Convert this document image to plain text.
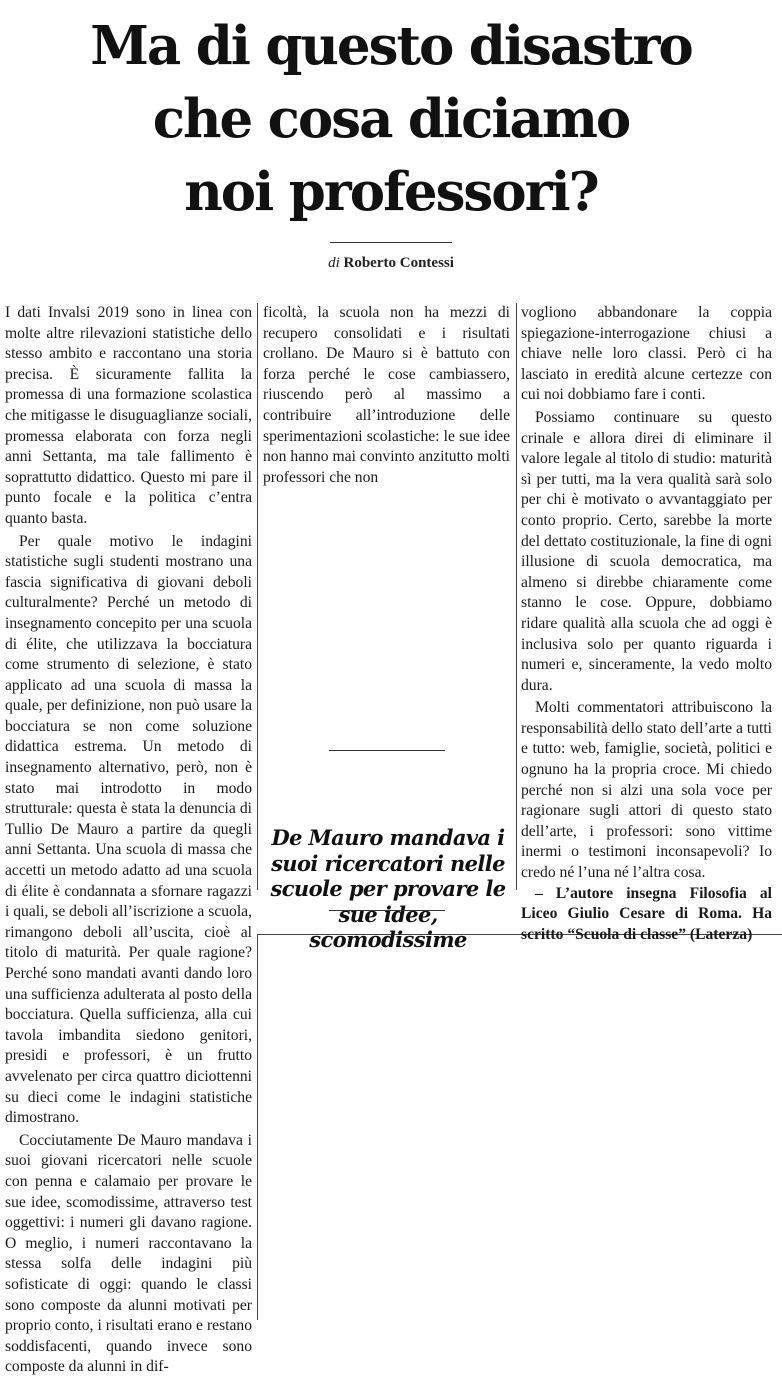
Ma di questo disastro
che cosa diciamo
noi professori?
di Roberto Contessi

I dati Invalsi 2019 sono in linea con molte altre rilevazioni statistiche dello stesso ambito e raccontano una storia precisa. È sicuramente fallita la promessa di una formazione scolastica che mitigasse le disuguaglianze sociali, promessa elaborata con forza negli anni Settanta, ma tale fallimento è soprattutto didattico. Questo mi pare il punto focale e la politica c’entra quanto basta.

Per quale motivo le indagini statistiche sugli studenti mostrano una fascia significativa di giovani deboli culturalmente? Perché un metodo di insegnamento concepito per una scuola di élite, che utilizzava la bocciatura come strumento di selezione, è stato applicato ad una scuola di massa la quale, per definizione, non può usare la bocciatura se non come soluzione didattica estrema. Un metodo di insegnamento alternativo, però, non è stato mai introdotto in modo strutturale: questa è stata la denuncia di Tullio De Mauro a partire da quegli anni Settanta. Una scuola di massa che accetti un metodo adatto ad una scuola di élite è condannata a sfornare ragazzi i quali, se deboli all’iscrizione a scuola, rimangono deboli all’uscita, cioè al titolo di maturità. Per quale ragione? Perché sono mandati avanti dando loro una sufficienza adulterata al posto della bocciatura. Quella sufficienza, alla cui tavola imbandita siedono genitori, presidi e professori, è un frutto avvelenato per circa quattro diciottenni su dieci come le indagini statistiche dimostrano.

Cocciutamente De Mauro mandava i suoi giovani ricercatori nelle scuole con penna e calamaio per provare le sue idee, scomodissime, attraverso test oggettivi: i numeri gli davano ragione. O meglio, i numeri raccontavano la stessa solfa delle indagini più sofisticate di oggi: quando le classi sono composte da alunni motivati per proprio conto, i risultati erano e restano soddisfacenti, quando invece sono composte da alunni in dif-

ficoltà, la scuola non ha mezzi di recupero consolidati e i risultati crollano. De Mauro si è battuto con forza perché le cose cambiassero, riuscendo però al massimo a contribuire all’introduzione delle sperimentazioni scolastiche: le sue idee non hanno mai convinto anzitutto molti professori che non

De Mauro mandava i suoi ricercatori nelle scuole per provare le sue idee, scomodissime

vogliono abbandonare la coppia spiegazione-interrogazione chiusi a chiave nelle loro classi. Però ci ha lasciato in eredità alcune certezze con cui noi dobbiamo fare i conti.

Possiamo continuare su questo crinale e allora direi di eliminare il valore legale al titolo di studio: maturità sì per tutti, ma la vera qualità sarà solo per chi è motivato o avvantaggiato per conto proprio. Certo, sarebbe la morte del dettato costituzionale, la fine di ogni illusione di scuola democratica, ma almeno si direbbe chiaramente come stanno le cose. Oppure, dobbiamo ridare qualità alla scuola che ad oggi è inclusiva solo per quanto riguarda i numeri e, sinceramente, la vedo molto dura.

Molti commentatori attribuiscono la responsabilità dello stato dell’arte a tutti e tutto: web, famiglie, società, politici e ognuno ha la propria croce. Mi chiedo perché non si alzi una sola voce per ragionare sugli attori di questo stato dell’arte, i professori: sono vittime inermi o testimoni inconsapevoli? Io credo né l’una né l’altra cosa.

– L’autore insegna Filosofia al Liceo Giulio Cesare di Roma. Ha scritto “Scuola di classe” (Laterza)
